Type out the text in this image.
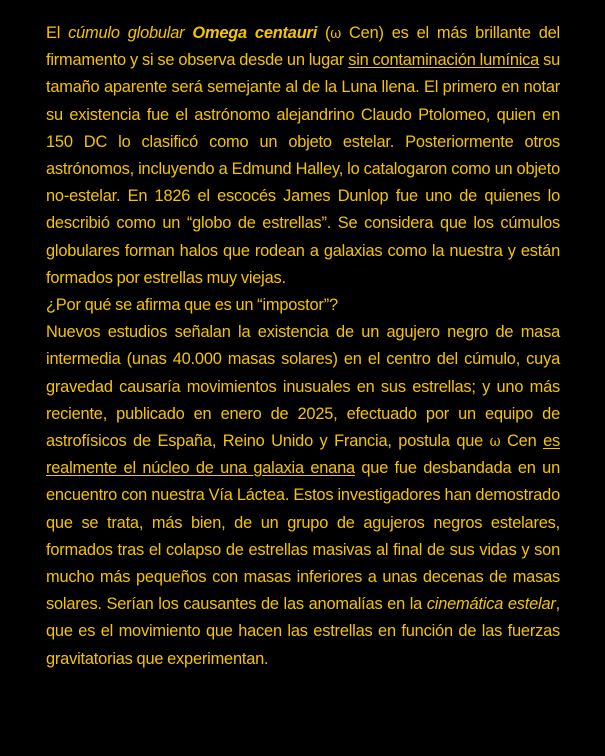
El cúmulo globular Omega centauri (ω Cen) es el más brillante del firmamento y si se observa desde un lugar sin contaminación lumínica su tamaño aparente será semejante al de la Luna llena. El primero en notar su existencia fue el astrónomo alejandrino Claudo Ptolomeo, quien en 150 DC lo clasificó como un objeto estelar. Posteriormente otros astrónomos, incluyendo a Edmund Halley, lo catalogaron como un objeto no-estelar. En 1826 el escocés James Dunlop fue uno de quienes lo describió como un “globo de estrellas”. Se considera que los cúmulos globulares forman halos que rodean a galaxias como la nuestra y están formados por estrellas muy viejas.

¿Por qué se afirma que es un “impostor”?

Nuevos estudios señalan la existencia de un agujero negro de masa intermedia (unas 40.000 masas solares) en el centro del cúmulo, cuya gravedad causaría movimientos inusuales en sus estrellas; y uno más reciente, publicado en enero de 2025, efectuado por un equipo de astrofísicos de España, Reino Unido y Francia, postula que ω Cen es realmente el núcleo de una galaxia enana que fue desbandada en un encuentro con nuestra Vía Láctea. Estos investigadores han demostrado que se trata, más bien, de un grupo de agujeros negros estelares, formados tras el colapso de estrellas masivas al final de sus vidas y son mucho más pequeños con masas inferiores a unas decenas de masas solares. Serían los causantes de las anomalías en la cinemática estelar, que es el movimiento que hacen las estrellas en función de las fuerzas gravitatorias que experimentan.
